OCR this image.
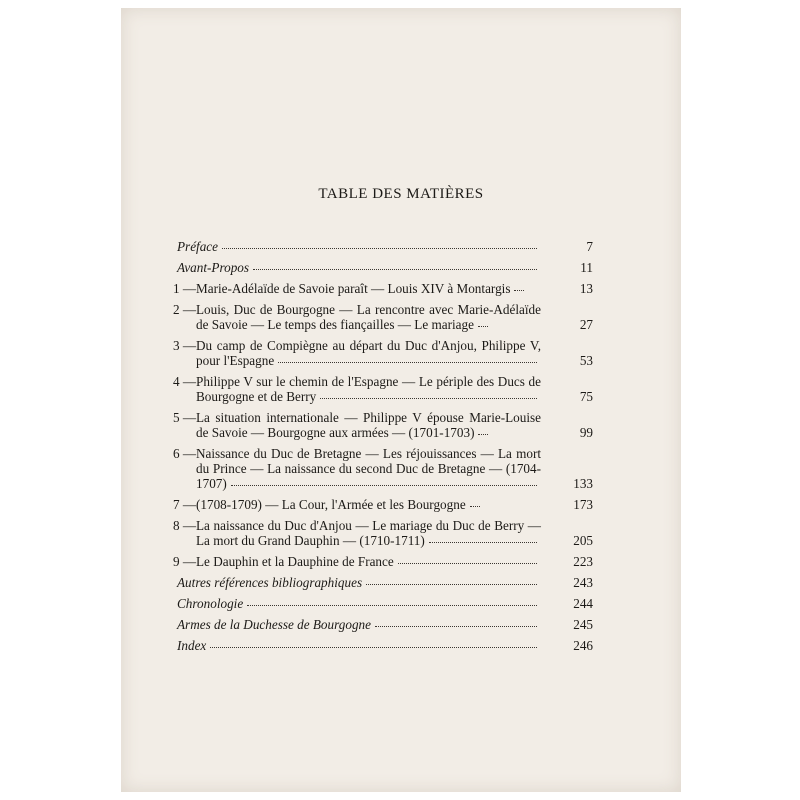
TABLE DES MATIÈRES
Préface	7
Avant-Propos	11
1 — Marie-Adélaïde de Savoie paraît — Louis XIV à Montargis	13
2 — Louis, Duc de Bourgogne — La rencontre avec Marie-Adélaïde de Savoie — Le temps des fiançailles — Le mariage	27
3 — Du camp de Compiègne au départ du Duc d'Anjou, Philippe V, pour l'Espagne	53
4 — Philippe V sur le chemin de l'Espagne — Le périple des Ducs de Bourgogne et de Berry	75
5 — La situation internationale — Philippe V épouse Marie-Louise de Savoie — Bourgogne aux armées — (1701-1703)	99
6 — Naissance du Duc de Bretagne — Les réjouissances — La mort du Prince — La naissance du second Duc de Bretagne — (1704-1707)	133
7 — (1708-1709) — La Cour, l'Armée et les Bourgogne	173
8 — La naissance du Duc d'Anjou — Le mariage du Duc de Berry — La mort du Grand Dauphin — (1710-1711)	205
9 — Le Dauphin et la Dauphine de France	223
Autres références bibliographiques	243
Chronologie	244
Armes de la Duchesse de Bourgogne	245
Index	246
